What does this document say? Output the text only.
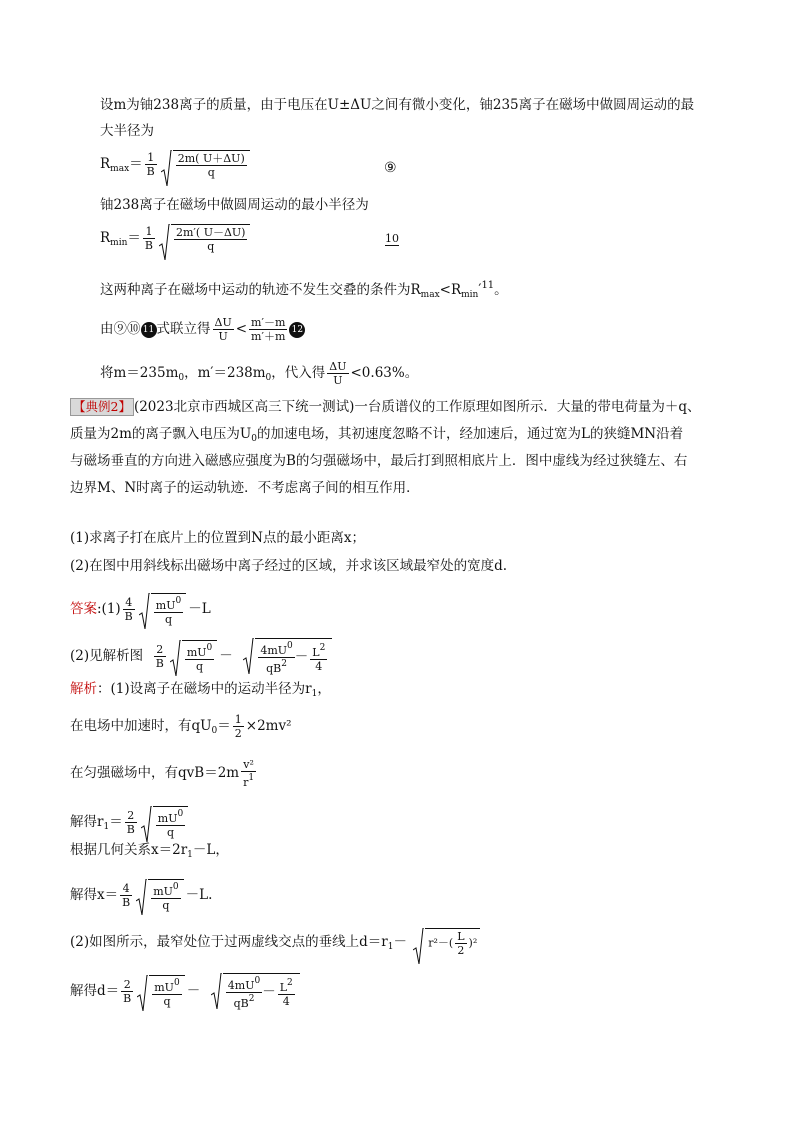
设m为铀238离子的质量，由于电压在U±ΔU之间有微小变化，铀235离子在磁场中做圆周运动的最
大半径为
$R_{max}= \frac{1}{B} \frac{2m( U+\Delta U)}{q}$	⑨
铀238离子在磁场中做圆周运动的最小半径为
$R_{min}= \frac{1}{B} \frac{2m'( U-\Delta U)}{q}$	10
这两种离子在磁场中运动的轨迹不发生交叠的条件为$R_{max}<R_{min}'^{11}$。
由⑨⑩ 11 式联立得 $\frac{\Delta U}{U} < \frac{m'-m}{m'+m} 12$
将$m=235m_0$，$m'=238m_0$，代入得 $\frac{\Delta U}{U} <0.63\%$。
【典例2】 (2023北京市西城区高三下统一测试)一台质谱仪的工作原理如图所示．大量的带电荷量为＋q、
质量为2m的离子飘入电压为$U_0$的加速电场，其初速度忽略不计，经加速后，通过宽为L的狭缝MN沿着
与磁场垂直的方向进入磁感应强度为B的匀强磁场中，最后打到照相底片上．图中虚线为经过狭缝左、右
边界M、N时离子的运动轨迹．不考虑离子间的相互作用．
(1)求离子打在底片上的位置到N点的最小距离x；
(2)在图中用斜线标出磁场中离子经过的区域，并求该区域最窄处的宽度d.
答案:(1) $\frac{4}{B} \frac{mU^0}{q} -L$
(2)见解析图 $\frac{2}{B} \frac{mU^0}{q} - \frac{4mU^0}{qB^2} - \frac{L^2}{4}$
解析：(1)设离子在磁场中的运动半径为$r_1$，
在电场中加速时，有$qU_0= \frac{1}{2} \times 2mv^2$
在匀强磁场中，有$qvB=2m \frac{\text{v²}}{r^1}$
解得$r_1= \frac{2}{B} \frac{mU^0}{q}$
根据几何关系$x=2r_1-L$，
解得$x= \frac{4}{B} \frac{mU^0}{q} -L$.
(2)如图所示，最窄处位于过两虚线交点的垂线上$d=r_1- r^2-( \frac{L}{2} )^2$
解得$d= \frac{2}{B} \frac{mU^0}{q} - \frac{4mU^0}{qB^2} - \frac{L^2}{4}$
